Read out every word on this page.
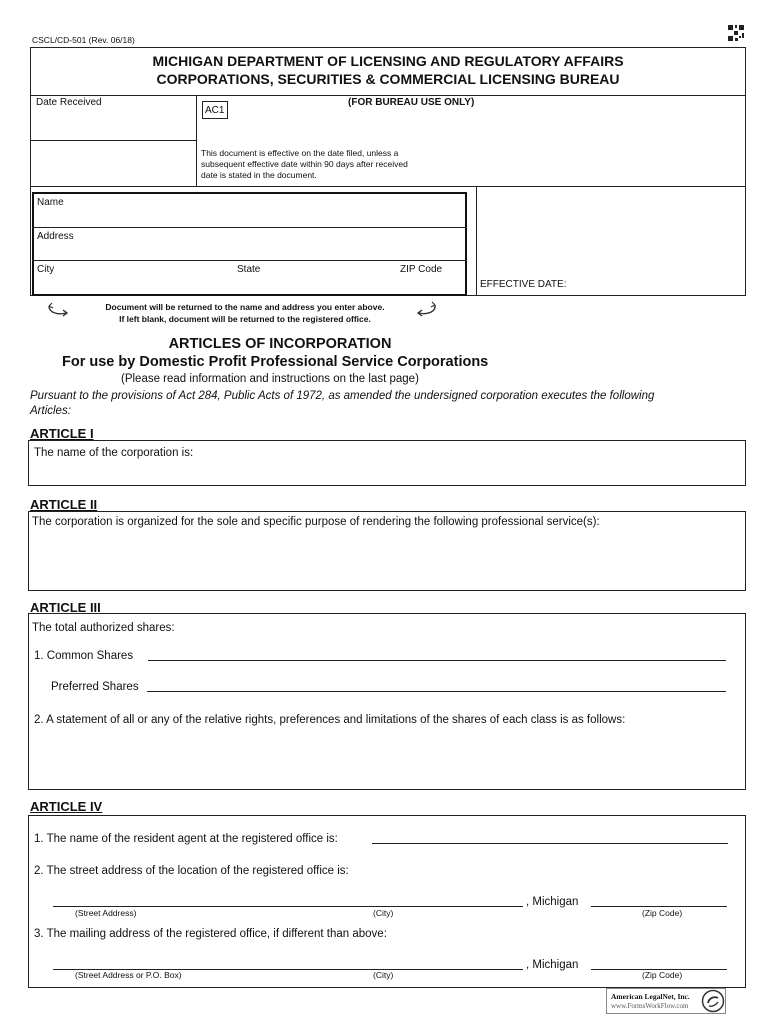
CSCL/CD-501 (Rev. 06/18)
MICHIGAN DEPARTMENT OF LICENSING AND REGULATORY AFFAIRS
CORPORATIONS, SECURITIES & COMMERCIAL LICENSING BUREAU
Date Received	(FOR BUREAU USE ONLY)
AC1
This document is effective on the date filed, unless a
subsequent effective date within 90 days after received
date is stated in the document.
Name
Address
City	State	ZIP Code
EFFECTIVE DATE:
Document will be returned to the name and address you enter above.
If left blank, document will be returned to the registered office.
ARTICLES OF INCORPORATION
For use by Domestic Profit Professional Service Corporations
(Please read information and instructions on the last page)
Pursuant to the provisions of Act 284, Public Acts of 1972, as amended the undersigned corporation executes the following
Articles:
ARTICLE I
The name of the corporation is:
ARTICLE II
The corporation is organized for the sole and specific purpose of rendering the following professional service(s):
ARTICLE III
The total authorized shares:
1. Common Shares
Preferred Shares
2. A statement of all or any of the relative rights, preferences and limitations of the shares of each class is as follows:
ARTICLE IV
1. The name of the resident agent at the registered office is:
2. The street address of the location of the registered office is:
, Michigan
(Street Address)	(City)	(Zip Code)
3. The mailing address of the registered office, if different than above:
, Michigan
(Street Address or P.O. Box)	(City)	(Zip Code)
American LegalNet, Inc.
www.FormsWorkFlow.com
